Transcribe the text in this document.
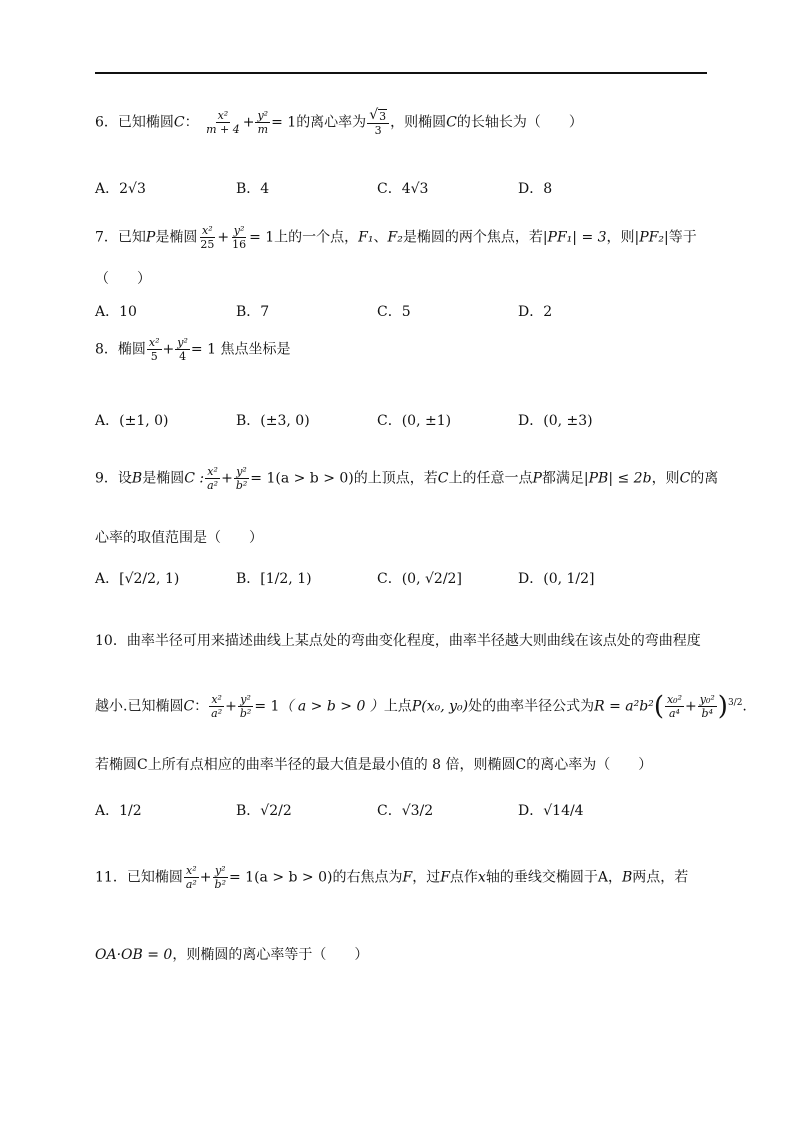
6．已知椭圆C： $\frac{\text{x²}}{m + 4} + \frac{\text{y²}}{m} = 1$的离心率为 $\frac{√ 3}{3}$ ，则椭圆C的长轴长为（　　）
A．2√3	B．4	C．4√3	D．8
7．已知P是椭圆 $\frac{\text{x²}}{25} + \frac{\text{y²}}{16} = 1$上的一个点，F₁、F₂是椭圆的两个焦点，若|PF₁| = 3，则|PF₂|等于
（　　）
A．10	B．7	C．5	D．2
8．椭圆 $\frac{\text{x²}}{5} + \frac{\text{y²}}{4} = 1$ 焦点坐标是
A．(±1, 0)	B．(±3, 0)	C．(0, ±1)	D．(0, ±3)
9．设B是椭圆C : $\frac{\text{x²}}{\text{a²}} + \frac{\text{y²}}{\text{b²}} = 1(a > b > 0)$的上顶点，若C上的任意一点P都满足|PB| ≤ 2b，则C的离
心率的取值范围是（　　）
A．[√2/2, 1)	B．[1/2, 1)	C．(0, √2/2]	D．(0, 1/2]
10．曲率半径可用来描述曲线上某点处的弯曲变化程度，曲率半径越大则曲线在该点处的弯曲程度
越小.已知椭圆C： $\frac{\text{x²}}{\text{a²}} + \frac{\text{y²}}{\text{b²}} = 1$（ a > b > 0 ）上点P(x₀, y₀)处的曲率半径公式为$R = a^2b^2( \frac{\text{x₀²}}{\text{a⁴}} + \frac{\text{y₀²}}{\text{b⁴}} )^{3/2}$.
若椭圆C上所有点相应的曲率半径的最大值是最小值的 8 倍，则椭圆C的离心率为（　　）
A．1/2	B．√2/2	C．√3/2	D．√14/4
11．已知椭圆 $\frac{\text{x²}}{\text{a²}} + \frac{\text{y²}}{\text{b²}} = 1(a > b > 0)$的右焦点为F，过F点作x轴的垂线交椭圆于A，B两点，若
OA·OB = 0，则椭圆的离心率等于（　　）
